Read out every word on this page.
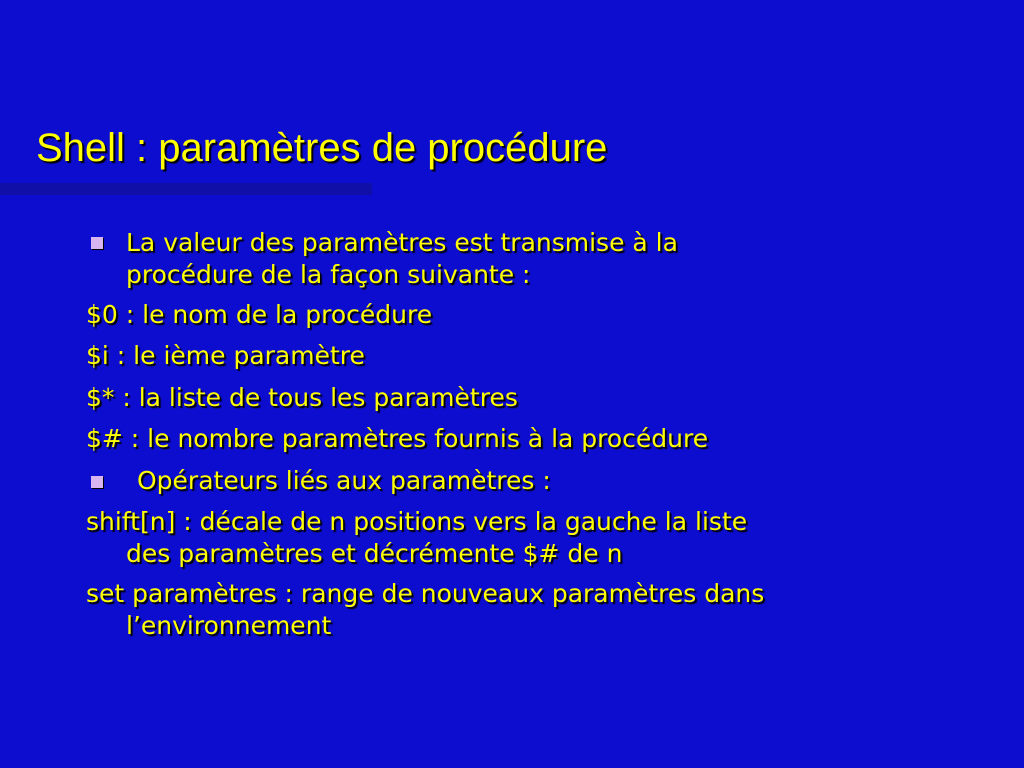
Shell : paramètres de procédure
La valeur des paramètres est transmise à la
procédure de la façon suivante :
$0 : le nom de la procédure
$i : le ième paramètre
$* : la liste de tous les paramètres
$# : le nombre paramètres fournis à la procédure
Opérateurs liés aux paramètres :
shift[n] : décale de n positions vers la gauche la liste
des paramètres et décrémente $# de n
set paramètres : range de nouveaux paramètres dans
l’environnement
